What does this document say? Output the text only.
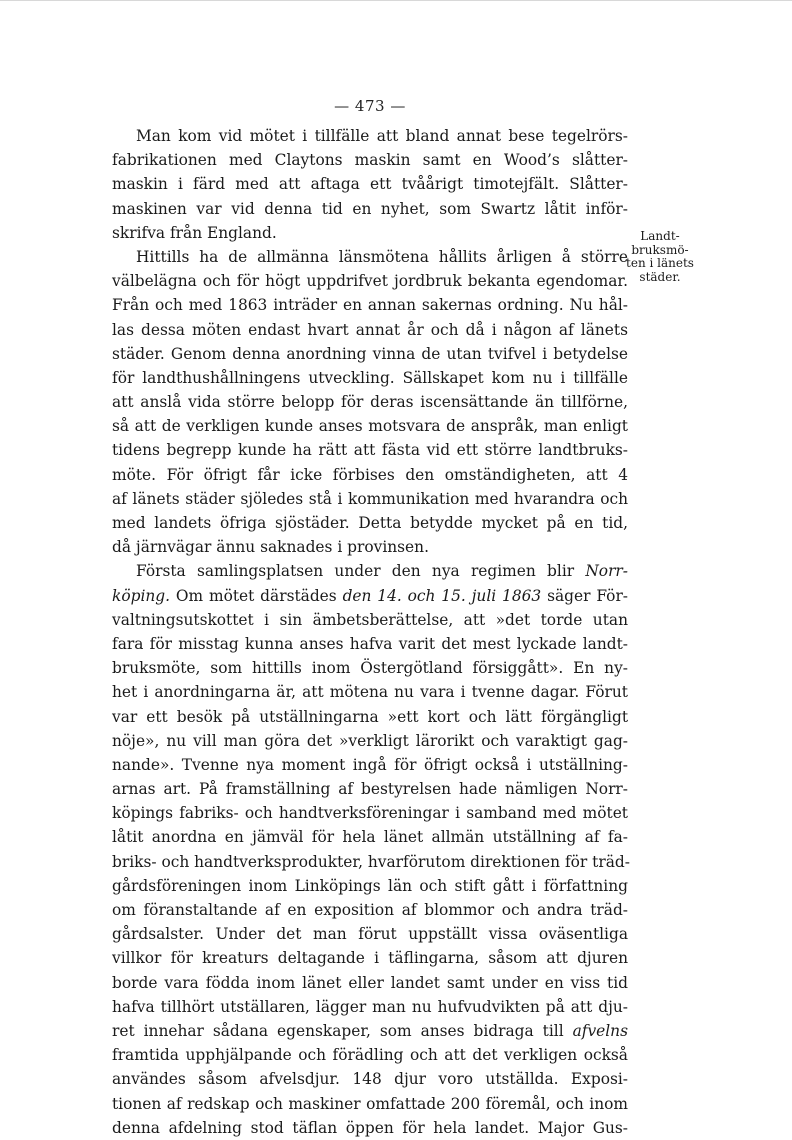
— 473 —
Man kom vid mötet i tillfälle att bland annat bese tegelrörs-
fabrikationen med Claytons maskin samt en Wood’s slåtter-
maskin i färd med att aftaga ett tvåårigt timotejfält. Slåtter-
maskinen var vid denna tid en nyhet, som Swartz låtit inför-
skrifva från England.
Hittills ha de allmänna länsmötena hållits årligen å större
välbelägna och för högt uppdrifvet jordbruk bekanta egendomar.
Från och med 1863 inträder en annan sakernas ordning. Nu hål-
las dessa möten endast hvart annat år och då i någon af länets
städer. Genom denna anordning vinna de utan tvifvel i betydelse
för landthushållningens utveckling. Sällskapet kom nu i tillfälle
att anslå vida större belopp för deras iscensättande än tillförne,
så att de verkligen kunde anses motsvara de anspråk, man enligt
tidens begrepp kunde ha rätt att fästa vid ett större landtbruks-
möte. För öfrigt får icke förbises den omständigheten, att 4
af länets städer sjöledes stå i kommunikation med hvarandra och
med landets öfriga sjöstäder. Detta betydde mycket på en tid,
då järnvägar ännu saknades i provinsen.
Första samlingsplatsen under den nya regimen blir Norr-
köping. Om mötet därstädes den 14. och 15. juli 1863 säger För-
valtningsutskottet i sin ämbetsberättelse, att »det torde utan
fara för misstag kunna anses hafva varit det mest lyckade landt-
bruksmöte, som hittills inom Östergötland försiggått». En ny-
het i anordningarna är, att mötena nu vara i tvenne dagar. Förut
var ett besök på utställningarna »ett kort och lätt förgängligt
nöje», nu vill man göra det »verkligt lärorikt och varaktigt gag-
nande». Tvenne nya moment ingå för öfrigt också i utställning-
arnas art. På framställning af bestyrelsen hade nämligen Norr-
köpings fabriks- och handtverksföreningar i samband med mötet
låtit anordna en jämväl för hela länet allmän utställning af fa-
briks- och handtverksprodukter, hvarförutom direktionen för träd-
gårdsföreningen inom Linköpings län och stift gått i författning
om föranstaltande af en exposition af blommor och andra träd-
gårdsalster. Under det man förut uppställt vissa oväsentliga
villkor för kreaturs deltagande i täflingarna, såsom att djuren
borde vara födda inom länet eller landet samt under en viss tid
hafva tillhört utställaren, lägger man nu hufvudvikten på att dju-
ret innehar sådana egenskaper, som anses bidraga till afvelns
framtida upphjälpande och förädling och att det verkligen också
användes såsom afvelsdjur. 148 djur voro utställda. Exposi-
tionen af redskap och maskiner omfattade 200 föremål, och inom
denna afdelning stod täflan öppen för hela landet. Major Gus-
Landt-
bruksmö-
ten i länets
städer.
